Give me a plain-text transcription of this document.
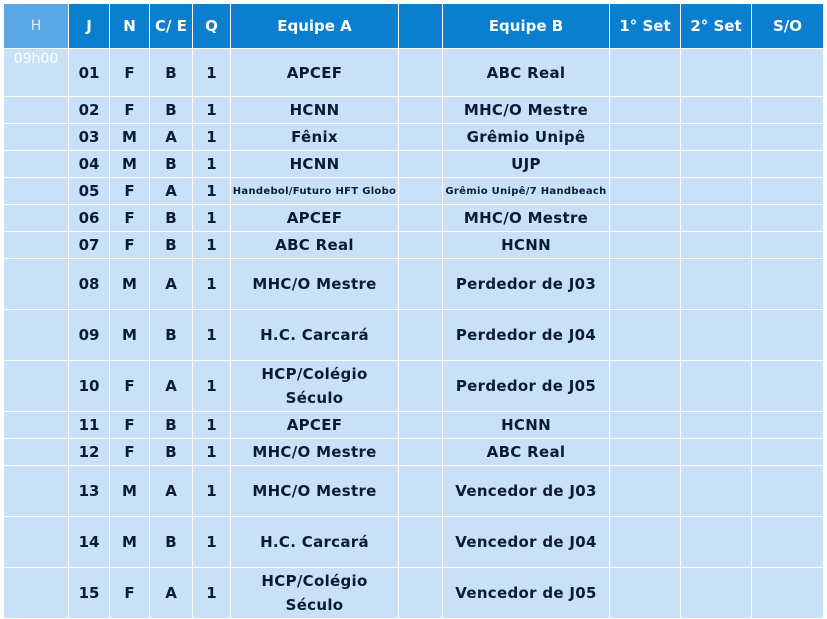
H	J	N	C/ E	Q	Equipe A		Equipe B	1° Set	2° Set	S/O
09h00	01	F	B	1	APCEF		ABC Real			
	02	F	B	1	HCNN		MHC/O Mestre			
	03	M	A	1	Fênix		Grêmio Unipê			
	04	M	B	1	HCNN		UJP			
	05	F	A	1	Handebol/Futuro HFT Globo		Grêmio Unipê/7 Handbeach			
	06	F	B	1	APCEF		MHC/O Mestre			
	07	F	B	1	ABC Real		HCNN			
	08	M	A	1	MHC/O Mestre		Perdedor de J03			
	09	M	B	1	H.C. Carcará		Perdedor de J04			
	10	F	A	1	HCP/Colégio Século		Perdedor de J05			
	11	F	B	1	APCEF		HCNN			
	12	F	B	1	MHC/O Mestre		ABC Real			
	13	M	A	1	MHC/O Mestre		Vencedor de J03			
	14	M	B	1	H.C. Carcará		Vencedor de J04			
	15	F	A	1	HCP/Colégio Século		Vencedor de J05			
